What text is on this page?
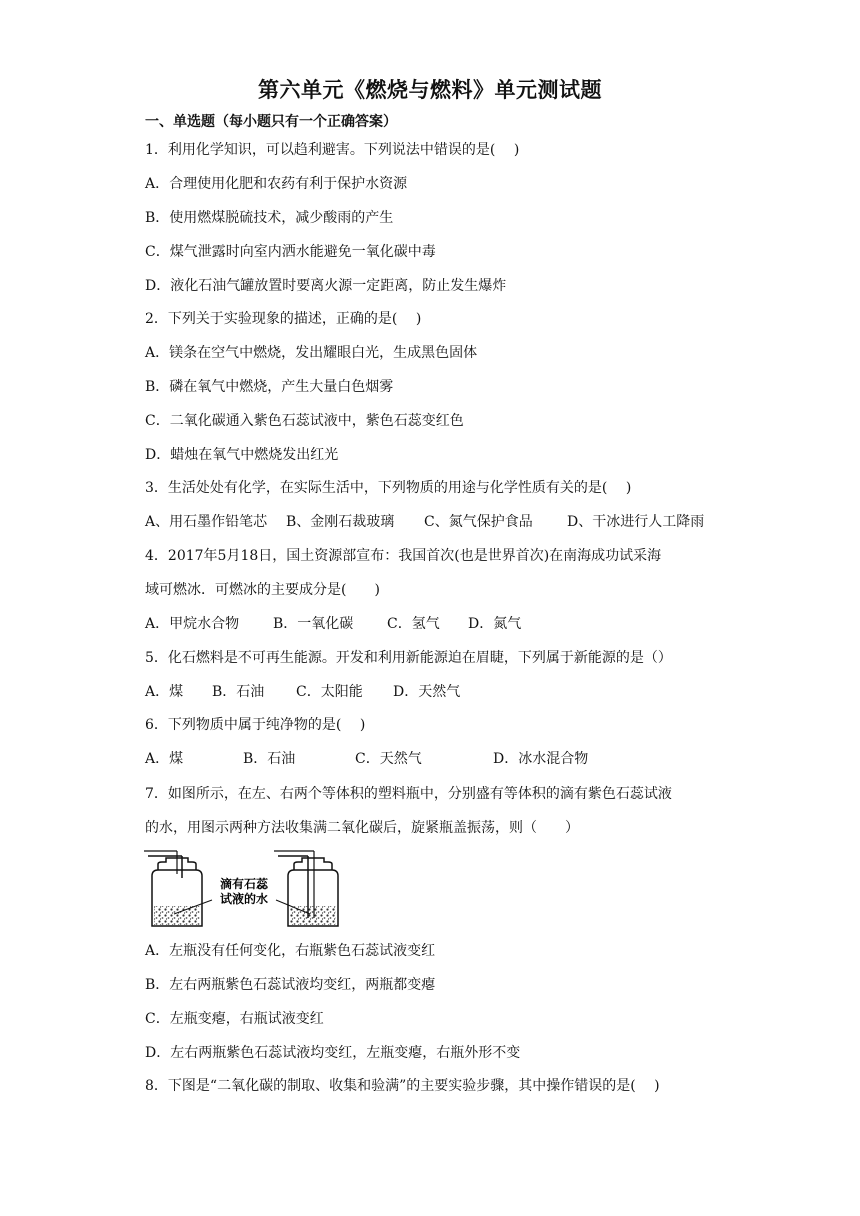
第六单元《燃烧与燃料》单元测试题
一、单选题（每小题只有一个正确答案）
1．利用化学知识，可以趋利避害。下列说法中错误的是(　 )
A．合理使用化肥和农药有利于保护水资源
B．使用燃煤脱硫技术，减少酸雨的产生
C．煤气泄露时向室内洒水能避免一氧化碳中毒
D．液化石油气罐放置时要离火源一定距离，防止发生爆炸
2．下列关于实验现象的描述，正确的是(　 )
A．镁条在空气中燃烧，发出耀眼白光，生成黑色固体
B．磷在氧气中燃烧，产生大量白色烟雾
C．二氧化碳通入紫色石蕊试液中，紫色石蕊变红色
D．蜡烛在氧气中燃烧发出红光
3．生活处处有化学，在实际生活中，下列物质的用途与化学性质有关的是(　 )
A、用石墨作铅笔芯 B、金刚石裁玻璃 C、氮气保护食品 D、干冰进行人工降雨
4．2017年5月18日，国土资源部宣布：我国首次(也是世界首次)在南海成功试采海
域可燃冰．可燃冰的主要成分是(　　)
A．甲烷水合物 B．一氧化碳 C．氢气 D．氮气
5．化石燃料是不可再生能源。开发和利用新能源迫在眉睫，下列属于新能源的是（）
A．煤 B．石油 C．太阳能 D．天然气
6．下列物质中属于纯净物的是(　 )
A．煤	B．石油	C．天然气	D．冰水混合物
7．如图所示，在左、右两个等体积的塑料瓶中，分别盛有等体积的滴有紫色石蕊试液
的水，用图示两种方法收集满二氧化碳后，旋紧瓶盖振荡，则（　　）
滴有石蕊
试液的水
A．左瓶没有任何变化，右瓶紫色石蕊试液变红
B．左右两瓶紫色石蕊试液均变红，两瓶都变瘪
C．左瓶变瘪，右瓶试液变红
D．左右两瓶紫色石蕊试液均变红，左瓶变瘪，右瓶外形不变
8．下图是“二氧化碳的制取、收集和验满”的主要实验步骤，其中操作错误的是(　 )
